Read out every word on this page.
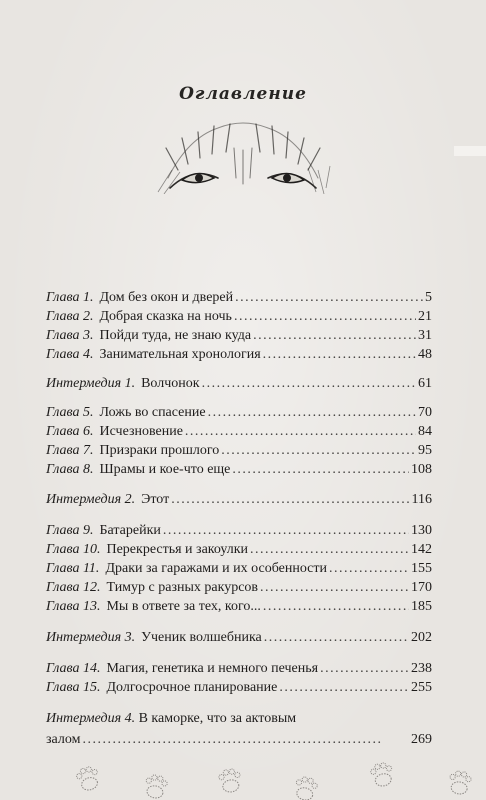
Оглавление
Глава 1. Дом без окон и дверей . . .	5
Глава 2. Добрая сказка на ночь . . .	21
Глава 3. Пойди туда, не знаю куда . . .	31
Глава 4. Занимательная хронология . . .	48
Интермедия 1. Волчонок . . .	61
Глава 5. Ложь во спасение . . .	70
Глава 6. Исчезновение . . .	84
Глава 7. Призраки прошлого . . .	95
Глава 8. Шрамы и кое-что еще . . .	108
Интермедия 2. Этот . . .	116
Глава 9. Батарейки . . .	130
Глава 10. Перекрестья и закоулки . . .	142
Глава 11. Драки за гаражами и их особенности . . .	155
Глава 12. Тимур с разных ракурсов . . .	170
Глава 13. Мы в ответе за тех, кого... . . .	185
Интермедия 3. Ученик волшебника . . .	202
Глава 14. Магия, генетика и немного печенья . . .	238
Глава 15. Долгосрочное планирование . . .	255
Интермедия 4. В каморке, что за актовым
залом . . .	269
